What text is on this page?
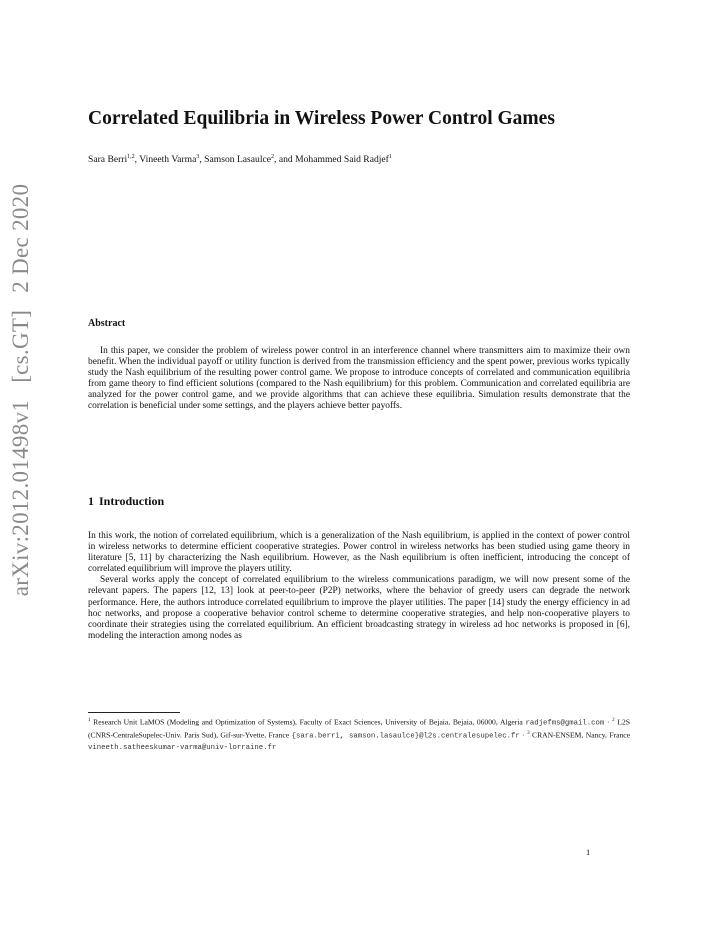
arXiv:2012.01498v1 [cs.GT] 2 Dec 2020
Correlated Equilibria in Wireless Power Control Games

Sara Berri$^{1,2}$, Vineeth Varma$^3$, Samson Lasaulce$^2$, and Mohammed Said Radjef$^1$

Abstract

In this paper, we consider the problem of wireless power control in an interference channel where transmitters aim to maximize their own benefit. When the individual payoff or utility function is derived from the transmission efficiency and the spent power, previous works typically study the Nash equilibrium of the resulting power control game. We propose to introduce concepts of correlated and communication equilibria from game theory to find efficient solutions (compared to the Nash equilibrium) for this problem. Communication and correlated equilibria are analyzed for the power control game, and we provide algorithms that can achieve these equilibria. Simulation results demonstrate that the correlation is beneficial under some settings, and the players achieve better payoffs.

1 Introduction

In this work, the notion of correlated equilibrium, which is a generalization of the Nash equilibrium, is applied in the context of power control in wireless networks to determine efficient cooperative strategies. Power control in wireless networks has been studied using game theory in literature [5, 11] by characterizing the Nash equilibrium. However, as the Nash equilibrium is often inefficient, introducing the concept of correlated equilibrium will improve the players utility.

Several works apply the concept of correlated equilibrium to the wireless communications paradigm, we will now present some of the relevant papers. The papers [12, 13] look at peer-to-peer (P2P) networks, where the behavior of greedy users can degrade the network performance. Here, the authors introduce correlated equilibrium to improve the player utilities. The paper [14] study the energy efficiency in ad hoc networks, and propose a cooperative behavior control scheme to determine cooperative strategies, and help non-cooperative players to coordinate their strategies using the correlated equilibrium. An efficient broadcasting strategy in wireless ad hoc networks is proposed in [6], modeling the interaction among nodes as

$^1$ Research Unit LaMOS (Modeling and Optimization of Systems), Faculty of Exact Sciences, University of Bejaia, Bejaia, 06000, Algeria radjefms@gmail.com · $^2$ L2S (CNRS-CentraleSupelec-Univ. Paris Sud), Gif-sur-Yvette, France {sara.berri, samson.lasaulce}@l2s.centralesupelec.fr · $^3$ CRAN-ENSEM, Nancy, France vineeth.satheeskumar-varma@univ-lorraine.fr
1
